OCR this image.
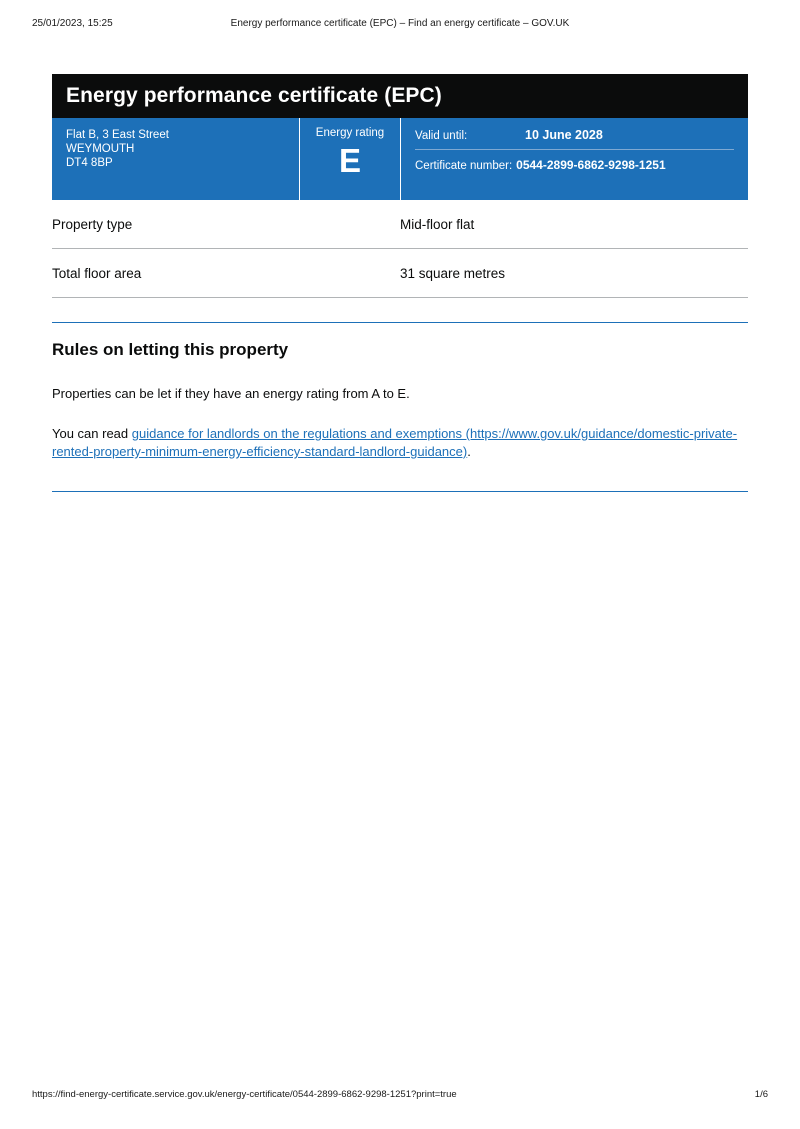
25/01/2023, 15:25	Energy performance certificate (EPC) – Find an energy certificate – GOV.UK
Energy performance certificate (EPC)
Flat B, 3 East Street
WEYMOUTH
DT4 8BP
Energy rating
E
Valid until:	10 June 2028
Certificate number: 0544-2899-6862-9298-1251
Property type	Mid-floor flat
Total floor area	31 square metres
Rules on letting this property

Properties can be let if they have an energy rating from A to E.

You can read guidance for landlords on the regulations and exemptions (https://www.gov.uk/guidance/domestic-private-rented-property-minimum-energy-efficiency-standard-landlord-guidance).

https://find-energy-certificate.service.gov.uk/energy-certificate/0544-2899-6862-9298-1251?print=true	1/6
